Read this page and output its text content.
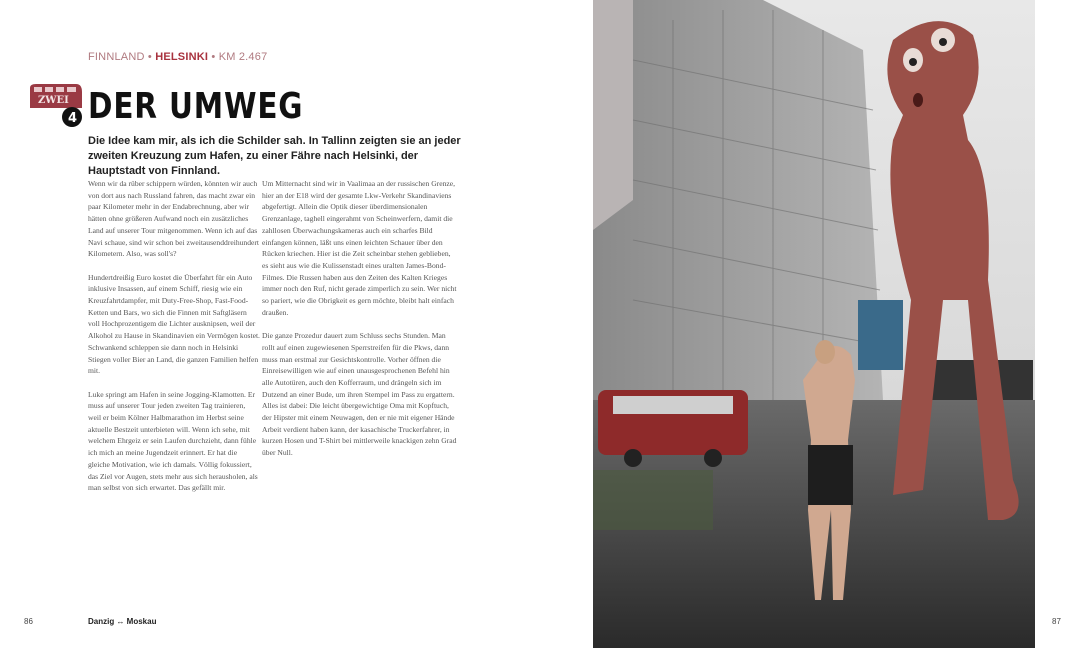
FINNLAND • HELSINKI • KM 2.467
ZWEI
4 DER UMWEG

Die Idee kam mir, als ich die Schilder sah. In Tallinn zeigten sie an jeder zweiten Kreuzung zum Hafen, zu einer Fähre nach Helsinki, der Hauptstadt von Finnland.

Wenn wir da rüber schippern würden, könnten wir auch von dort aus nach Russland fahren, das macht zwar ein paar Kilometer mehr in der Endabrechnung, aber wir hätten ohne größeren Aufwand noch ein zusätzliches Land auf unserer Tour mitgenommen. Wenn ich auf das Navi schaue, sind wir schon bei zweitausenddreihundert Kilometern. Also, was soll's?

Hundertdreißig Euro kostet die Überfahrt für ein Auto inklusive Insassen, auf einem Schiff, riesig wie ein Kreuzfahrtdampfer, mit Duty-Free-Shop, Fast-Food-Ketten und Bars, wo sich die Finnen mit Saftgläsern voll Hochprozentigem die Lichter ausknipsen, weil der Alkohol zu Hause in Skandinavien ein Vermögen kostet. Schwankend schleppen sie dann noch in Helsinki Stiegen voller Bier an Land, die ganzen Familien helfen mit.

Luke springt am Hafen in seine Jogging-Klamotten. Er muss auf unserer Tour jeden zweiten Tag trainieren, weil er beim Kölner Halbmarathon im Herbst seine aktuelle Bestzeit unterbieten will. Wenn ich sehe, mit welchem Ehrgeiz er sein Laufen durchzieht, dann fühle ich mich an meine Jugendzeit erinnert. Er hat die gleiche Motivation, wie ich damals. Völlig fokussiert, das Ziel vor Augen, stets mehr aus sich herausholen, als man selbst von sich erwartet. Das gefällt mir.

Um Mitternacht sind wir in Vaalimaa an der russischen Grenze, hier an der E18 wird der gesamte Lkw-Verkehr Skandinaviens abgefertigt. Allein die Optik dieser überdimensionalen Grenzanlage, taghell eingerahmt von Scheinwerfern, damit die zahllosen Überwachungskameras auch ein scharfes Bild einfangen können, läßt uns einen leichten Schauer über den Rücken kriechen. Hier ist die Zeit scheinbar stehen geblieben, es sieht aus wie die Kulissenstadt eines uralten James-Bond-Filmes. Die Russen haben aus den Zeiten des Kalten Krieges immer noch den Ruf, nicht gerade zimperlich zu sein. Wer nicht so pariert, wie die Obrigkeit es gern möchte, bleibt halt einfach draußen.

Die ganze Prozedur dauert zum Schluss sechs Stunden. Man rollt auf einen zugewiesenen Sperrstreifen für die Pkws, dann muss man erstmal zur Gesichtskontrolle. Vorher öffnen die Einreisewilligen wie auf einen unausgesprochenen Befehl hin alle Autotüren, auch den Kofferraum, und drängeln sich im Dutzend an einer Bude, um ihren Stempel im Pass zu ergattern. Alles ist dabei: Die leicht übergewichtige Oma mit Kopftuch, der Hipster mit einem Neuwagen, den er nie mit eigener Hände Arbeit verdient haben kann, der kasachische Truckerfahrer, in kurzen Hosen und T-Shirt bei mittlerweile knackigen zehn Grad über Null.

86	Danzig ↔ Moskau	87
